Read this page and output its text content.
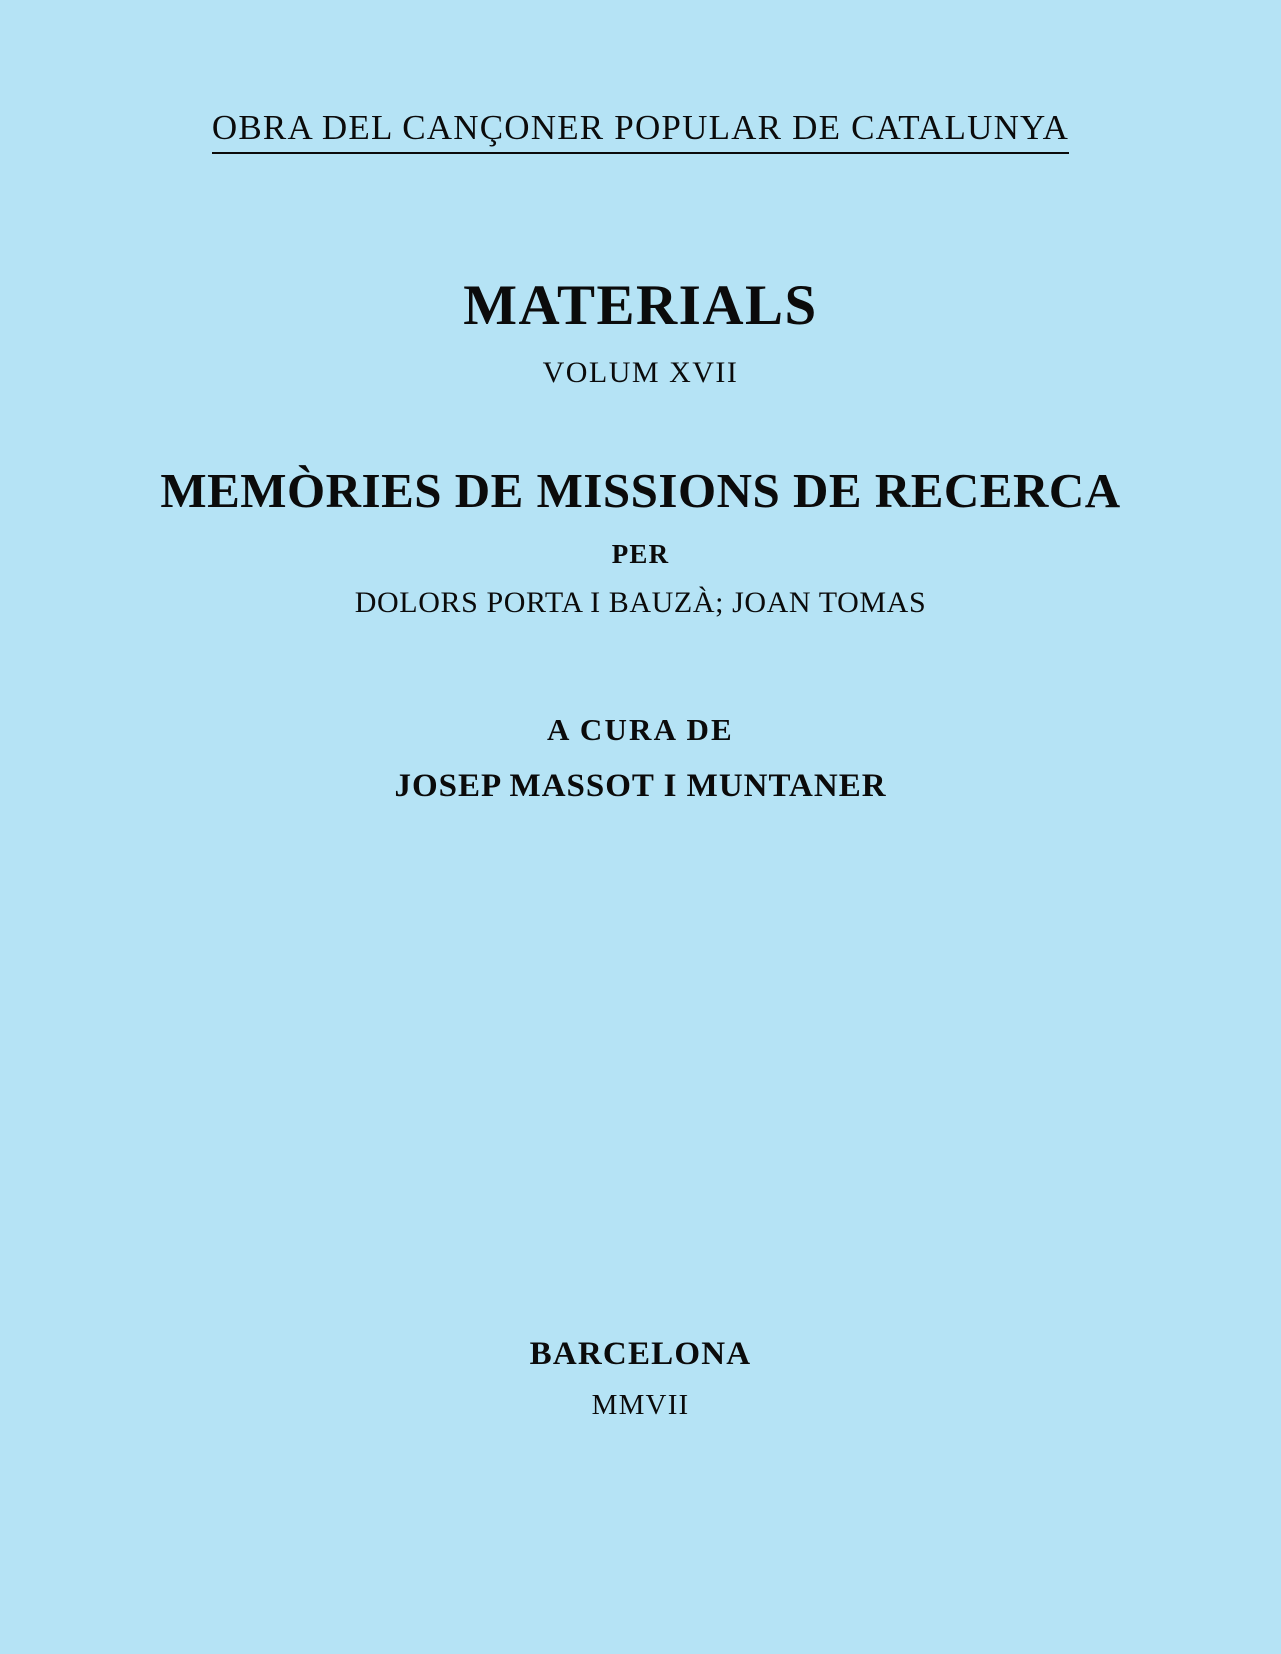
OBRA DEL CANÇONER POPULAR DE CATALUNYA
MATERIALS
VOLUM XVII
MEMÒRIES DE MISSIONS DE RECERCA
PER
DOLORS PORTA I BAUZÀ; JOAN TOMAS
A CURA DE
JOSEP MASSOT I MUNTANER
BARCELONA
MMVII
